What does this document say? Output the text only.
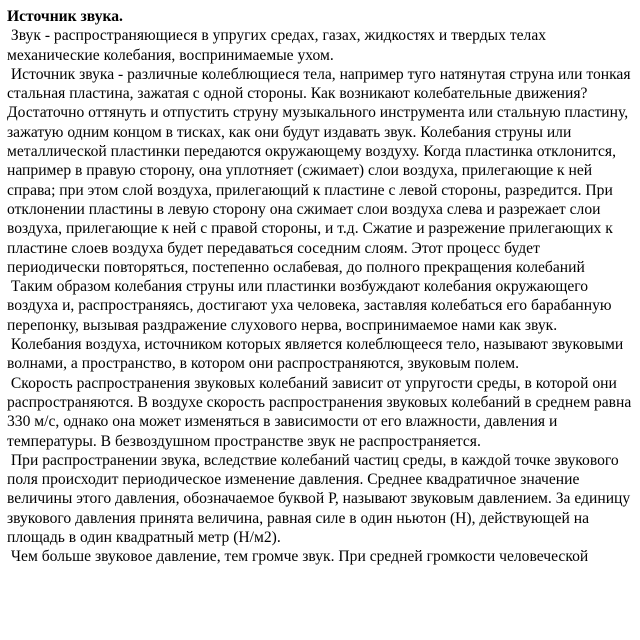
Источник звука.

Звук - распространяющиеся в упругих средах, газах, жидкостях и твердых телах механические колебания, воспринимаемые ухом.

Источник звука - различные колеблющиеся тела, например туго натянутая струна или тонкая стальная пластина, зажатая с одной стороны. Как возникают колебательные движения? Достаточно оттянуть и отпустить струну музыкального инструмента или стальную пластину, зажатую одним концом в тисках, как они будут издавать звук. Колебания струны или металлической пластинки передаются окружающему воздуху. Когда пластинка отклонится, например в правую сторону, она уплотняет (сжимает) слои воздуха, прилегающие к ней справа; при этом слой воздуха, прилегающий к пластине с левой стороны, разредится. При отклонении пластины в левую сторону она сжимает слои воздуха слева и разрежает слои воздуха, прилегающие к ней с правой стороны, и т.д. Сжатие и разрежение прилегающих к пластине слоев воздуха будет передаваться соседним слоям. Этот процесс будет периодически повторяться, постепенно ослабевая, до полного прекращения колебаний

Таким образом колебания струны или пластинки возбуждают колебания окружающего воздуха и, распространяясь, достигают уха человека, заставляя колебаться его барабанную перепонку, вызывая раздражение слухового нерва, воспринимаемое нами как звук.

Колебания воздуха, источником которых является колеблющееся тело, называют звуковыми волнами, а пространство, в котором они распространяются, звуковым полем.

Скорость распространения звуковых колебаний зависит от упругости среды, в которой они распространяются. В воздухе скорость распространения звуковых колебаний в среднем равна 330 м/с, однако она может изменяться в зависимости от его влажности, давления и температуры. В безвоздушном пространстве звук не распространяется.

При распространении звука, вследствие колебаний частиц среды, в каждой точке звукового поля происходит периодическое изменение давления. Среднее квадратичное значение величины этого давления, обозначаемое буквой Р, называют звуковым давлением. За единицу звукового давления принята величина, равная силе в один ньютон (Н), действующей на площадь в один квадратный метр (Н/м2).

Чем больше звуковое давление, тем громче звук. При средней громкости человеческой
